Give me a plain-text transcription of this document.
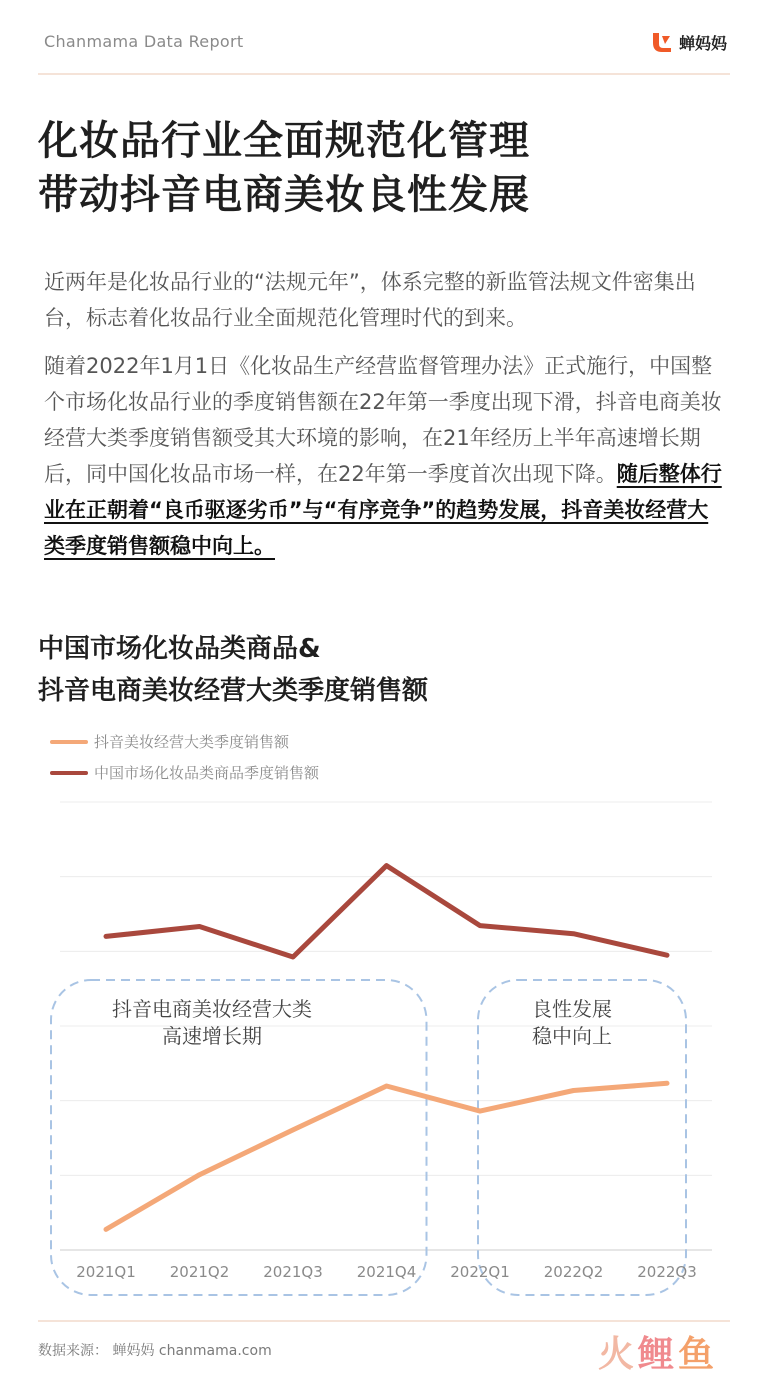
Chanmama Data Report	蝉妈妈
化妆品行业全面规范化管理
带动抖音电商美妆良性发展

近两年是化妆品行业的“法规元年”，体系完整的新监管法规文件密集出台，标志着化妆品行业全面规范化管理时代的到来。

随着2022年1月1日《化妆品生产经营监督管理办法》正式施行，中国整个市场化妆品行业的季度销售额在22年第一季度出现下滑，抖音电商美妆经营大类季度销售额受其大环境的影响，在21年经历上半年高速增长期后，同中国化妆品市场一样，在22年第一季度首次出现下降。随后整体行业在正朝着“良币驱逐劣币”与“有序竞争”的趋势发展，抖音美妆经营大类季度销售额稳中向上。

中国市场化妆品类商品&
抖音电商美妆经营大类季度销售额
抖音美妆经营大类季度销售额
中国市场化妆品类商品季度销售额
抖音电商美妆经营大类
高速增长期
良性发展
稳中向上
2021Q1 2021Q2 2021Q3 2021Q4 2022Q1 2022Q2 2022Q3
数据来源： 蝉妈妈 chanmama.com	火鲤鱼
